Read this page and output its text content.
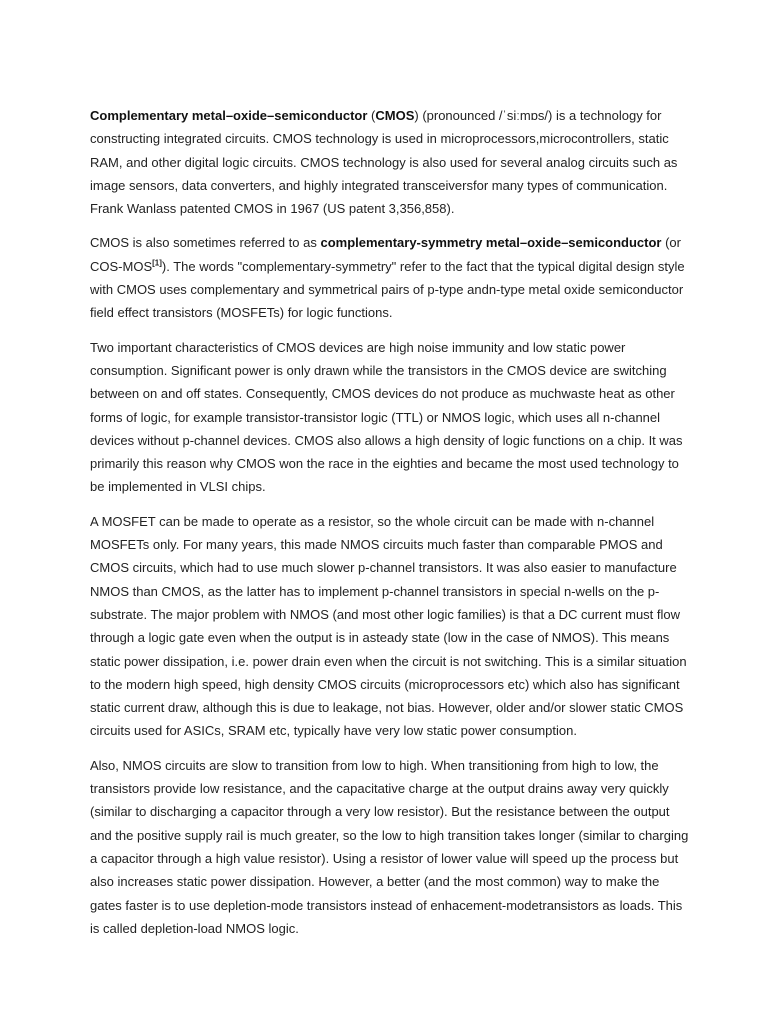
Complementary metal–oxide–semiconductor (CMOS) (pronounced /ˈsiːmɒs/) is a technology for constructing integrated circuits. CMOS technology is used in microprocessors,microcontrollers, static RAM, and other digital logic circuits. CMOS technology is also used for several analog circuits such as image sensors, data converters, and highly integrated transceiversfor many types of communication. Frank Wanlass patented CMOS in 1967 (US patent 3,356,858).

CMOS is also sometimes referred to as complementary-symmetry metal–oxide–semiconductor (or COS-MOS[1]). The words "complementary-symmetry" refer to the fact that the typical digital design style with CMOS uses complementary and symmetrical pairs of p-type andn-type metal oxide semiconductor field effect transistors (MOSFETs) for logic functions.

Two important characteristics of CMOS devices are high noise immunity and low static power consumption. Significant power is only drawn while the transistors in the CMOS device are switching between on and off states. Consequently, CMOS devices do not produce as muchwaste heat as other forms of logic, for example transistor-transistor logic (TTL) or NMOS logic, which uses all n-channel devices without p-channel devices. CMOS also allows a high density of logic functions on a chip. It was primarily this reason why CMOS won the race in the eighties and became the most used technology to be implemented in VLSI chips.

A MOSFET can be made to operate as a resistor, so the whole circuit can be made with n-channel MOSFETs only. For many years, this made NMOS circuits much faster than comparable PMOS and CMOS circuits, which had to use much slower p-channel transistors. It was also easier to manufacture NMOS than CMOS, as the latter has to implement p-channel transistors in special n-wells on the p-substrate. The major problem with NMOS (and most other logic families) is that a DC current must flow through a logic gate even when the output is in asteady state (low in the case of NMOS). This means static power dissipation, i.e. power drain even when the circuit is not switching. This is a similar situation to the modern high speed, high density CMOS circuits (microprocessors etc) which also has significant static current draw, although this is due to leakage, not bias. However, older and/or slower static CMOS circuits used for ASICs, SRAM etc, typically have very low static power consumption.

Also, NMOS circuits are slow to transition from low to high. When transitioning from high to low, the transistors provide low resistance, and the capacitative charge at the output drains away very quickly (similar to discharging a capacitor through a very low resistor). But the resistance between the output and the positive supply rail is much greater, so the low to high transition takes longer (similar to charging a capacitor through a high value resistor). Using a resistor of lower value will speed up the process but also increases static power dissipation. However, a better (and the most common) way to make the gates faster is to use depletion-mode transistors instead of enhacement-modetransistors as loads. This is called depletion-load NMOS logic.
